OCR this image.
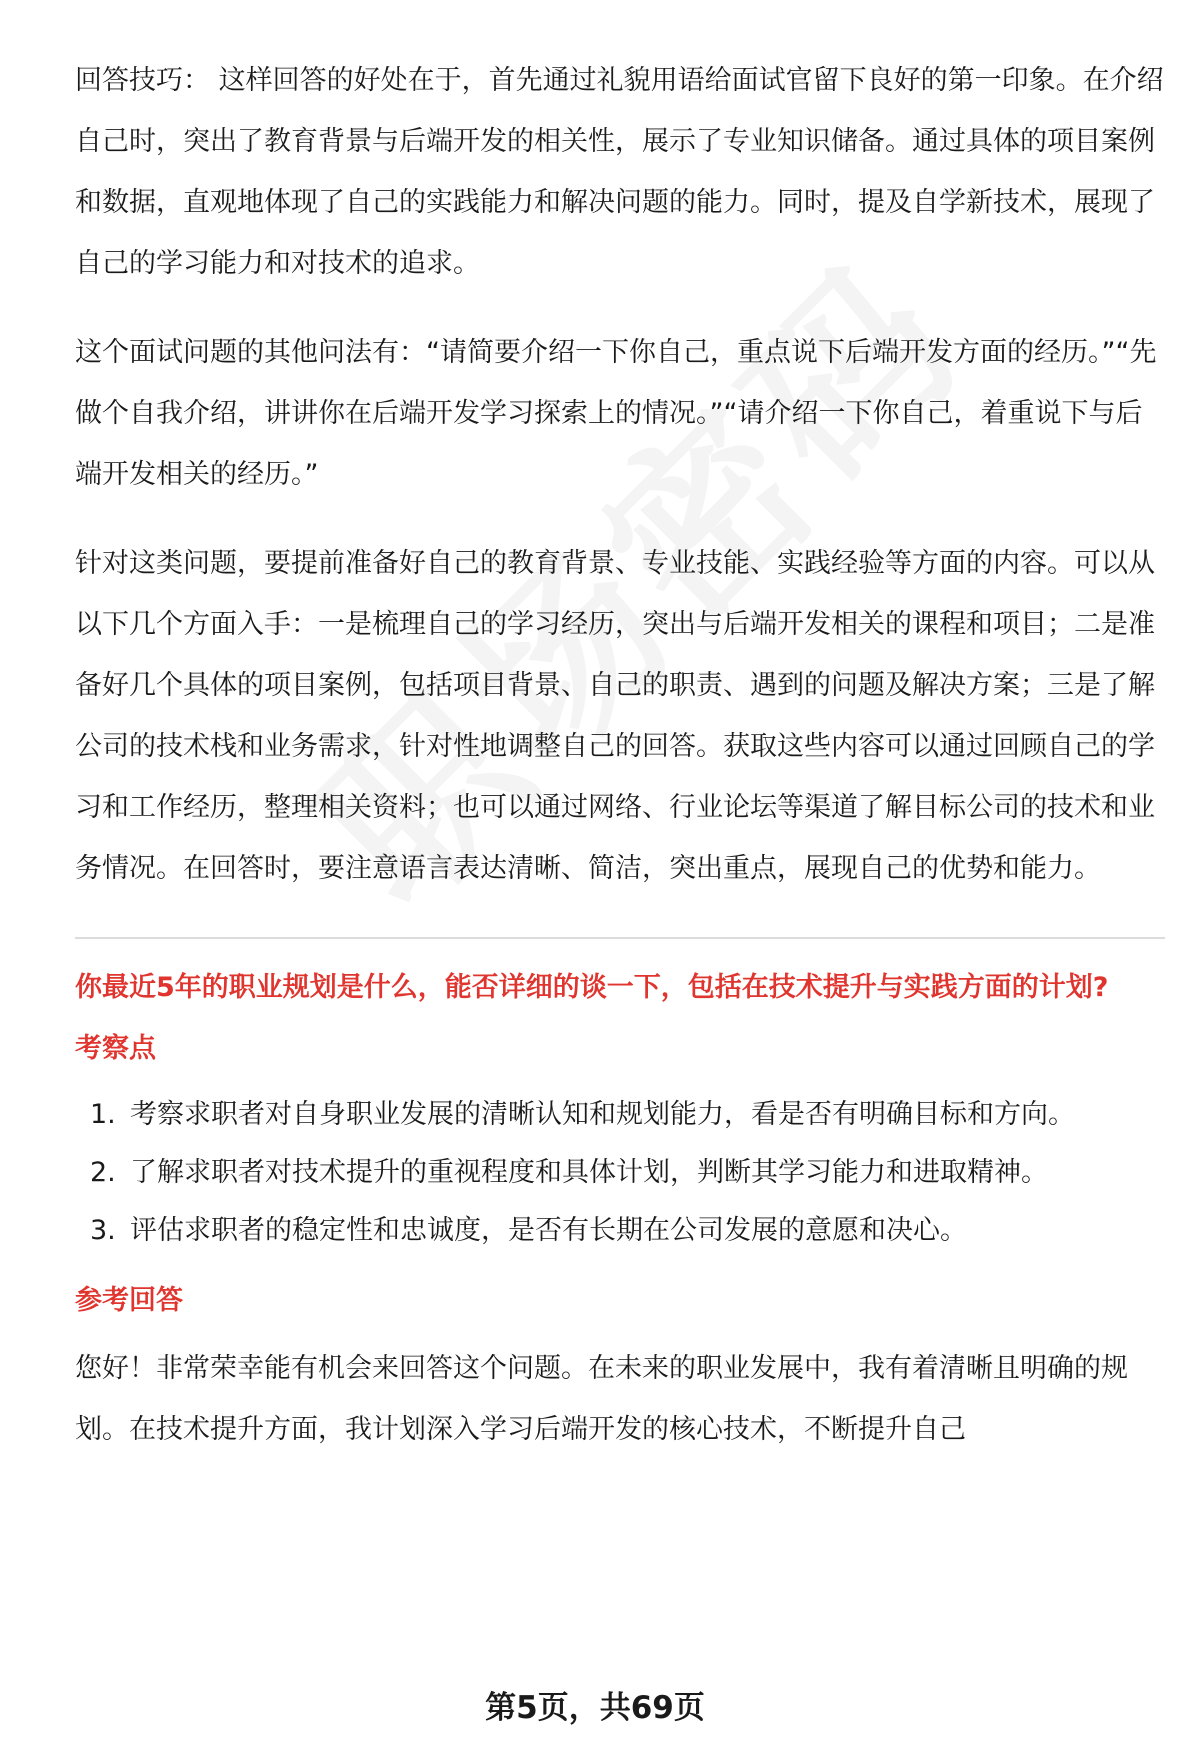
回答技巧： 这样回答的好处在于，首先通过礼貌用语给面试官留下良好的第一印象。在介绍自己时，突出了教育背景与后端开发的相关性，展示了专业知识储备。通过具体的项目案例和数据，直观地体现了自己的实践能力和解决问题的能力。同时，提及自学新技术，展现了自己的学习能力和对技术的追求。

这个面试问题的其他问法有：“请简要介绍一下你自己，重点说下后端开发方面的经历。”“先做个自我介绍，讲讲你在后端开发学习探索上的情况。”“请介绍一下你自己，着重说下与后端开发相关的经历。”

针对这类问题，要提前准备好自己的教育背景、专业技能、实践经验等方面的内容。可以从以下几个方面入手：一是梳理自己的学习经历，突出与后端开发相关的课程和项目；二是准备好几个具体的项目案例，包括项目背景、自己的职责、遇到的问题及解决方案；三是了解公司的技术栈和业务需求，针对性地调整自己的回答。获取这些内容可以通过回顾自己的学习和工作经历，整理相关资料；也可以通过网络、行业论坛等渠道了解目标公司的技术和业务情况。在回答时，要注意语言表达清晰、简洁，突出重点，展现自己的优势和能力。

你最近5年的职业规划是什么，能否详细的谈一下，包括在技术提升与实践方面的计划?

考察点
1. 考察求职者对自身职业发展的清晰认知和规划能力，看是否有明确目标和方向。
2. 了解求职者对技术提升的重视程度和具体计划，判断其学习能力和进取精神。
3. 评估求职者的稳定性和忠诚度，是否有长期在公司发展的意愿和决心。
参考回答

您好！非常荣幸能有机会来回答这个问题。在未来的职业发展中，我有着清晰且明确的规划。在技术提升方面，我计划深入学习后端开发的核心技术，不断提升自己

第5页，共69页
